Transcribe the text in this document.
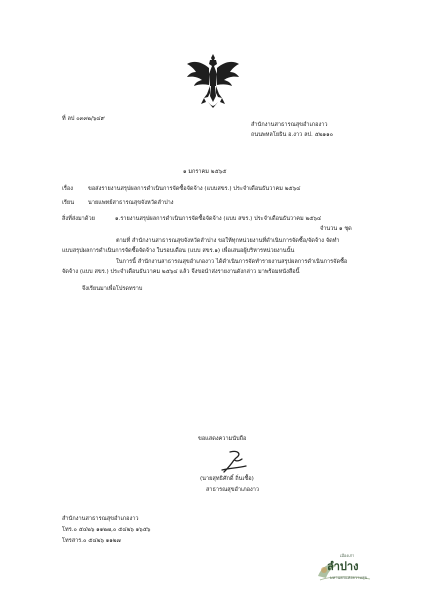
ที่ ลป ๐๓๓๒/๖๔๙
สำนักงานสาธารณสุขอำเภองาว
ถนนพหลโยธิน อ.งาว ลป. ๕๒๑๑๐
๑ มกราคม ๒๕๖๕
เรื่อง	ขอส่งรายงานสรุปผลการดำเนินการจัดซื้อจัดจ้าง (แบบสขร.) ประจำเดือนธันวาคม ๒๕๖๔
เรียน นายแพทย์สาธารณสุขจังหวัดลำปาง
สิ่งที่ส่งมาด้วย	๑.รายงานสรุปผลการดำเนินการจัดซื้อจัดจ้าง (แบบ สขร.) ประจำเดือนธันวาคม ๒๕๖๔
จำนวน ๑ ชุด
ตามที่ สำนักงานสาธารณสุขจังหวัดลำปาง ขอให้ทุกหน่วยงานที่ดำเนินการจัดซื้อ/จัดจ้าง จัดทำ
แบบสรุปผลการดำเนินการจัดซื้อจัดจ้าง ในรอบเดือน (แบบ สขร.๑) เพื่อเสนอผู้บริหารหน่วยงานนั้น
ในการนี้ สำนักงานสาธารณสุขอำเภองาว ได้ดำเนินการจัดทำรายงานสรุปผลการดำเนินการจัดซื้อ
จัดจ้าง (แบบ สขร.) ประจำเดือนธันวาคม ๒๕๖๔ แล้ว จึงขอนำส่งรายงานดังกล่าว มาพร้อมหนังสือนี้
จึงเรียนมาเพื่อโปรดทราบ
ขอแสดงความนับถือ
(นายสุทธิศักดิ์ ถิ่นเชื้อ)
สาธารณสุขอำเภองาว
สำนักงานสาธารณสุขอำเภองาว
โทร.๐ ๕๔๒๖ ๑๑๒๗,๐ ๕๔๒๖ ๑๖๕๖
โทรสาร.๐ ๕๔๒๖ ๑๑๒๗
เมืองเก่า
ลำปาง
มหานครแห่งความสุข
